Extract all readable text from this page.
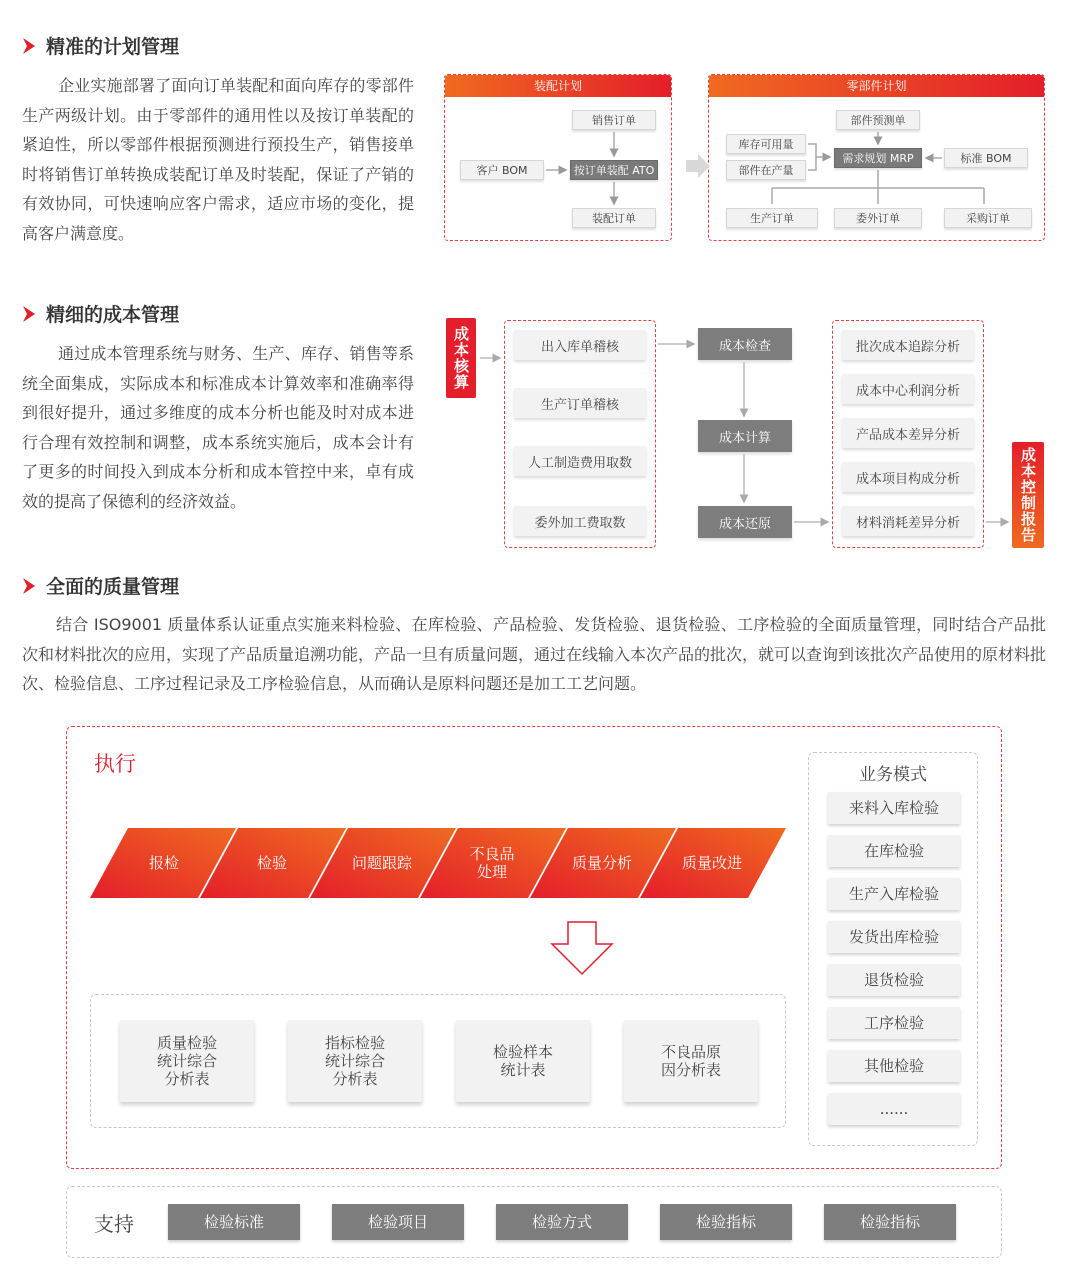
精准的计划管理
企业实施部署了面向订单装配和面向库存的零部件生产两级计划。由于零部件的通用性以及按订单装配的紧迫性，所以零部件根据预测进行预投生产，销售接单时将销售订单转换成装配订单及时装配，保证了产销的有效协同，可快速响应客户需求，适应市场的变化，提高客户满意度。
装配计划
销售订单
客户 BOM	按订单装配 ATO
装配订单
零部件计划
部件预测单
库存可用量
部件在产量
需求规划 MRP	标准 BOM
生产订单	委外订单	采购订单
精细的成本管理
通过成本管理系统与财务、生产、库存、销售等系统全面集成，实际成本和标准成本计算效率和准确率得到很好提升，通过多维度的成本分析也能及时对成本进行合理有效控制和调整，成本系统实施后，成本会计有了更多的时间投入到成本分析和成本管控中来，卓有成效的提高了保德利的经济效益。
成本核算	出入库单稽核
生产订单稽核
人工制造费用取数
委外加工费取数
成本检查
成本计算
成本还原
批次成本追踪分析
成本中心利润分析
产品成本差异分析
成本项目构成分析
材料消耗差异分析	成本控制报告
全面的质量管理
结合 ISO9001 质量体系认证重点实施来料检验、在库检验、产品检验、发货检验、退货检验、工序检验的全面质量管理，同时结合产品批次和材料批次的应用，实现了产品质量追溯功能，产品一旦有质量问题，通过在线输入本次产品的批次，就可以查询到该批次产品使用的原材料批次、检验信息、工序过程记录及工序检验信息，从而确认是原料问题还是加工工艺问题。
执行
报检	检验	问题跟踪	不良品
处理	质量分析	质量改进
质量检验
统计综合
分析表
指标检验
统计综合
分析表
检验样本
统计表
不良品原
因分析表
业务模式
来料入库检验
在库检验
生产入库检验
发货出库检验
退货检验
工序检验
其他检验
......
支持	检验标准	检验项目	检验方式	检验指标	检验指标
